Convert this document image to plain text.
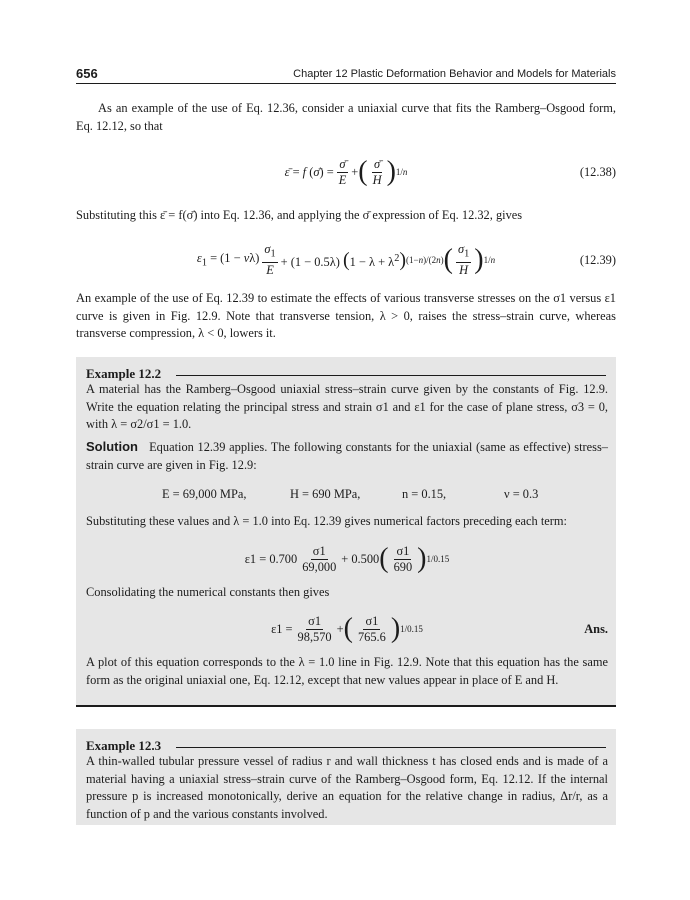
656	Chapter 12 Plastic Deformation Behavior and Models for Materials
As an example of the use of Eq. 12.36, consider a uniaxial curve that fits the Ramberg–Osgood form, Eq. 12.12, so that
ε̄ = f (σ̄) = $\frac{\sigmā}{E}$ + ( $\frac{\sigmā}{H}$ ) 1/n	(12.38)
Substituting this ε̄ = f(σ̄) into Eq. 12.36, and applying the σ̄ expression of Eq. 12.32, gives
$\varepsilon_1 = (1 - \nu\lambda) \frac{\sigma_1}{E} + (1 - 0.5\lambda) (1 - \lambda + \lambda^2)$ (1−n)/(2n) ( $\frac{\sigma_1}{H}$ ) 1/n	(12.39)
An example of the use of Eq. 12.39 to estimate the effects of various transverse stresses on the σ1 versus ε1 curve is given in Fig. 12.9. Note that transverse tension, λ > 0, raises the stress–strain curve, whereas transverse compression, λ < 0, lowers it.
Example 12.2
A material has the Ramberg–Osgood uniaxial stress–strain curve given by the constants of Fig. 12.9. Write the equation relating the principal stress and strain σ1 and ε1 for the case of plane stress, σ3 = 0, with λ = σ2/σ1 = 1.0.
Solution Equation 12.39 applies. The following constants for the uniaxial (same as effective) stress–strain curve are given in Fig. 12.9:
E = 69,000 MPa,	H = 690 MPa,	n = 0.15,	ν = 0.3
Substituting these values and λ = 1.0 into Eq. 12.39 gives numerical factors preceding each term:
$\varepsilon 1 = 0.700 \frac{\sigma 1}{69,000} + 0.500$ ( $\frac{\sigma 1}{690}$ ) 1/0.15
Consolidating the numerical constants then gives
$\varepsilon 1 = \frac{\sigma 1}{98,570}$ + ( $\frac{\sigma 1}{765.6}$ ) 1/0.15	Ans.
A plot of this equation corresponds to the λ = 1.0 line in Fig. 12.9. Note that this equation has the same form as the original uniaxial one, Eq. 12.12, except that new values appear in place of E and H.
Example 12.3
A thin-walled tubular pressure vessel of radius r and wall thickness t has closed ends and is made of a material having a uniaxial stress–strain curve of the Ramberg–Osgood form, Eq. 12.12. If the internal pressure p is increased monotonically, derive an equation for the relative change in radius, Δr/r, as a function of p and the various constants involved.
